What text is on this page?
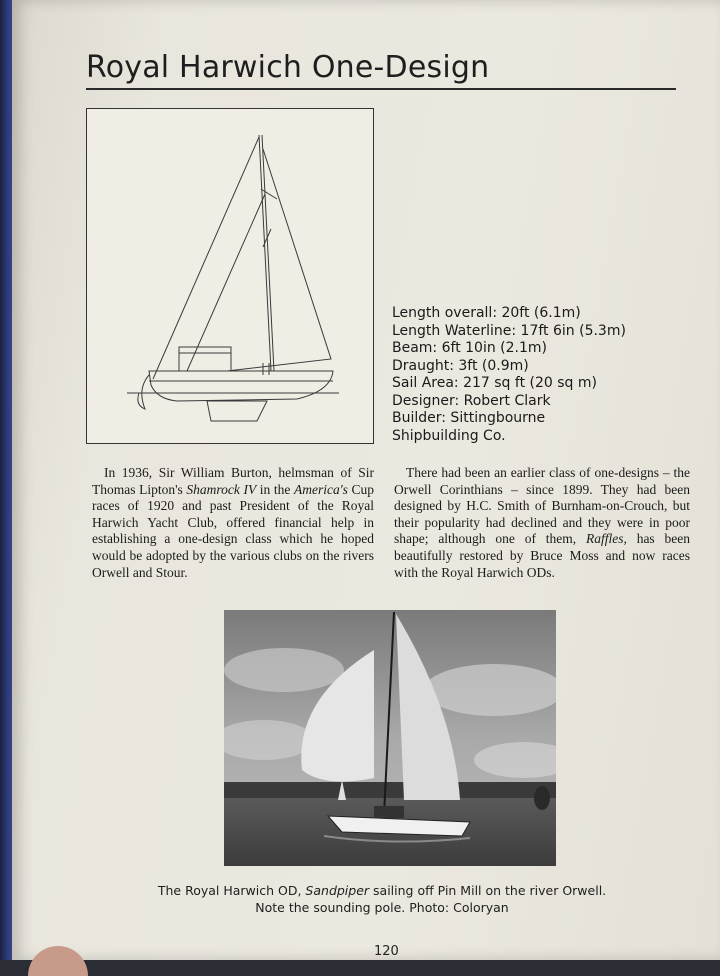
Royal Harwich One-Design
Length overall: 20ft (6.1m)
Length Waterline: 17ft 6in (5.3m)
Beam: 6ft 10in (2.1m)
Draught: 3ft (0.9m)
Sail Area: 217 sq ft (20 sq m)
Designer: Robert Clark
Builder: Sittingbourne
Shipbuilding Co.

In 1936, Sir William Burton, helmsman of Sir Thomas Lipton's Shamrock IV in the America's Cup races of 1920 and past President of the Royal Harwich Yacht Club, offered financial help in establishing a one-design class which he hoped would be adopted by the various clubs on the rivers Orwell and Stour.

There had been an earlier class of one-designs – the Orwell Corinthians – since 1899. They had been designed by H.C. Smith of Burnham-on-Crouch, but their popularity had declined and they were in poor shape; although one of them, Raffles, has been beautifully restored by Bruce Moss and now races with the Royal Harwich ODs.

The Royal Harwich OD, Sandpiper sailing off Pin Mill on the river Orwell.
Note the sounding pole. Photo: Coloryan
120
